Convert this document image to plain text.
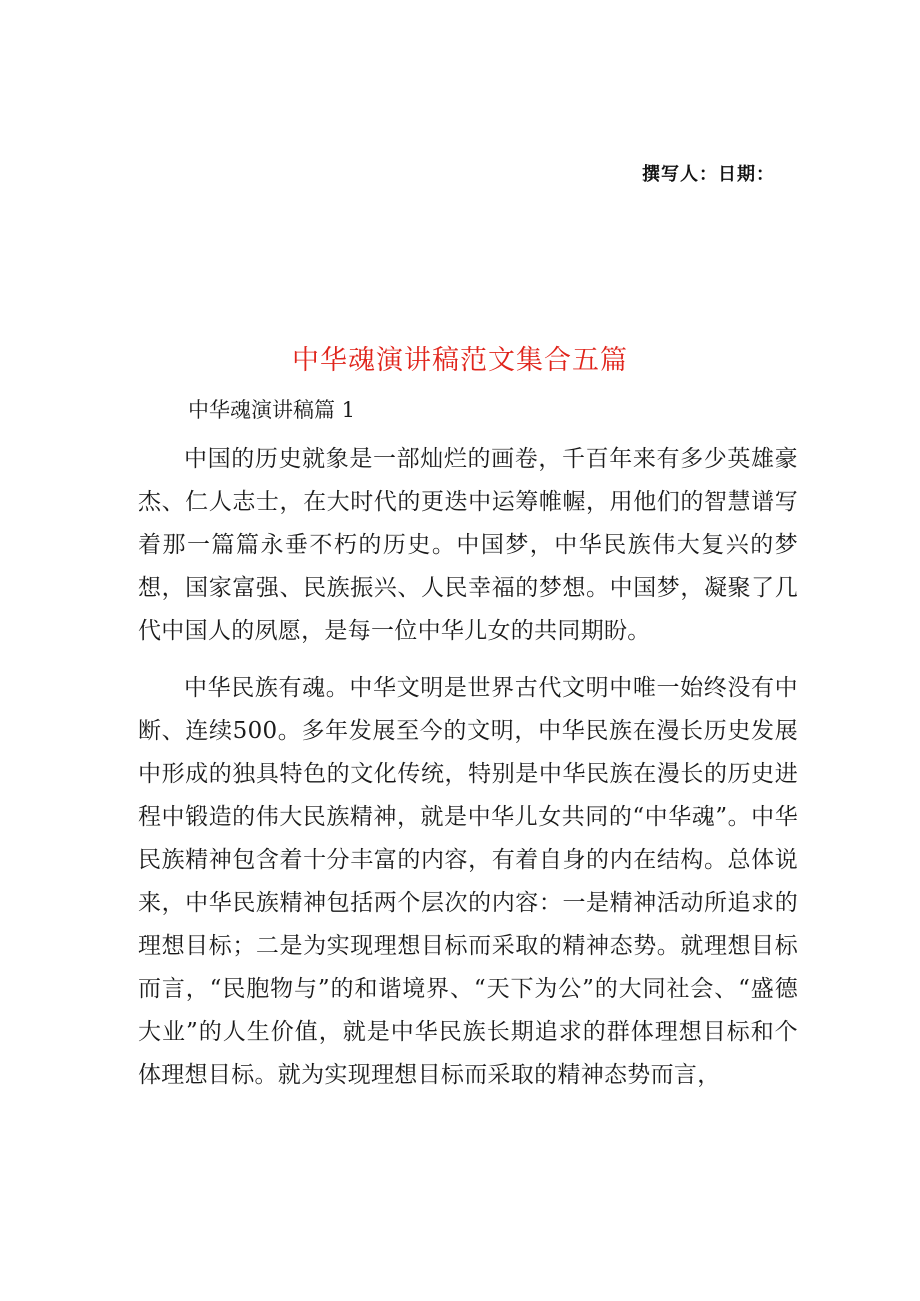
撰写人：日期：
中华魂演讲稿范文集合五篇
中华魂演讲稿篇 1

中国的历史就象是一部灿烂的画卷，千百年来有多少英雄豪杰、仁人志士，在大时代的更迭中运筹帷幄，用他们的智慧谱写着那一篇篇永垂不朽的历史。中国梦，中华民族伟大复兴的梦想，国家富强、民族振兴、人民幸福的梦想。中国梦，凝聚了几代中国人的夙愿，是每一位中华儿女的共同期盼。

中华民族有魂。中华文明是世界古代文明中唯一始终没有中断、连续500。多年发展至今的文明，中华民族在漫长历史发展中形成的独具特色的文化传统，特别是中华民族在漫长的历史进程中锻造的伟大民族精神，就是中华儿女共同的“中华魂”。中华民族精神包含着十分丰富的内容，有着自身的内在结构。总体说来，中华民族精神包括两个层次的内容：一是精神活动所追求的理想目标；二是为实现理想目标而采取的精神态势。就理想目标而言，“民胞物与”的和谐境界、“天下为公”的大同社会、“盛德大业”的人生价值，就是中华民族长期追求的群体理想目标和个体理想目标。就为实现理想目标而采取的精神态势而言，
